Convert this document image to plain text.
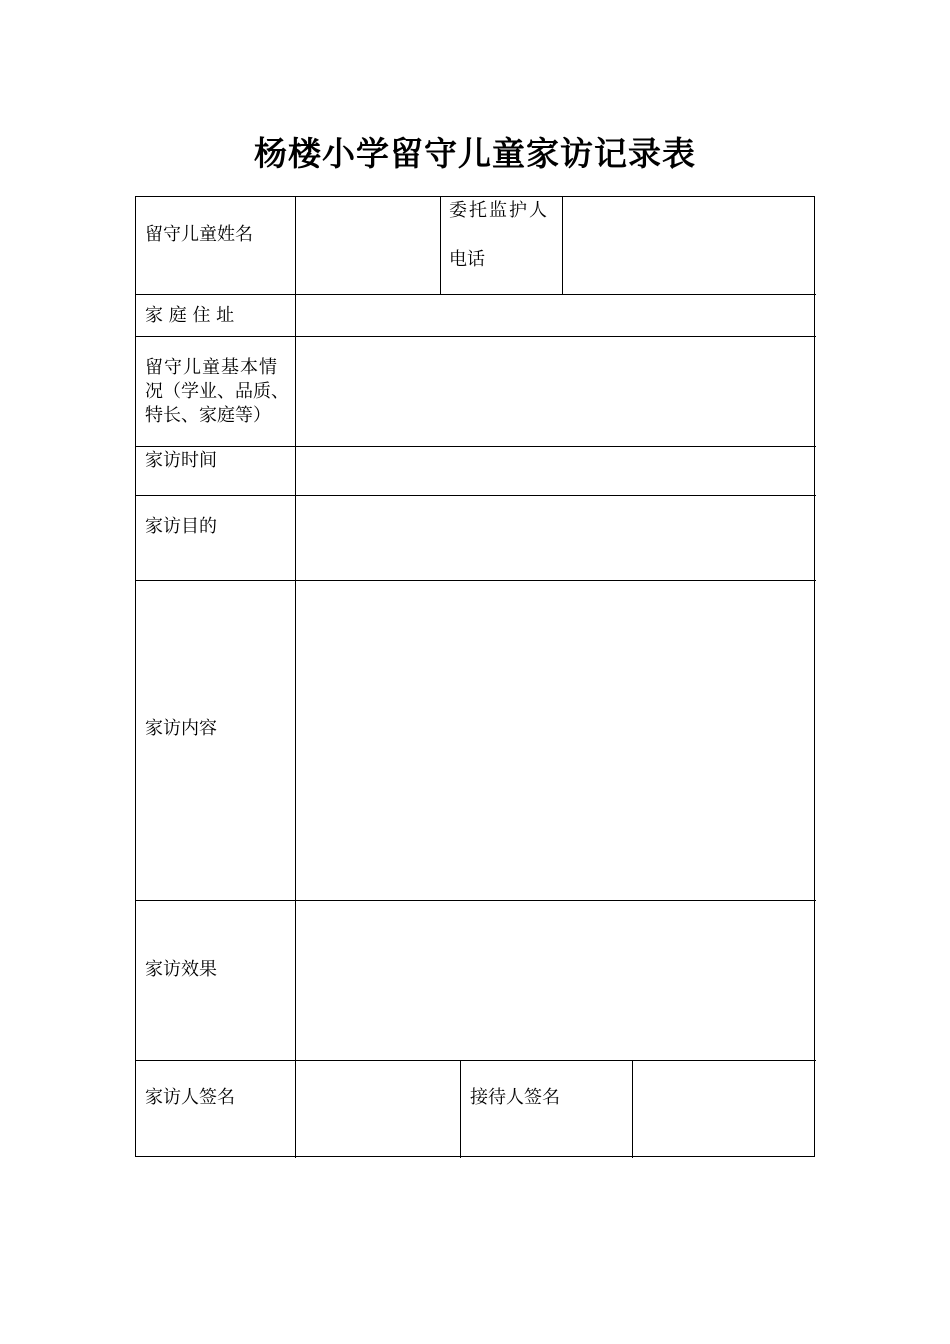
杨楼小学留守儿童家访记录表
留守儿童姓名
委托监护人
电话
家 庭 住 址
留守儿童基本情
况（学业、品质、
特长、家庭等）
家访时间
家访目的
家访内容
家访效果
家访人签名	接待人签名
